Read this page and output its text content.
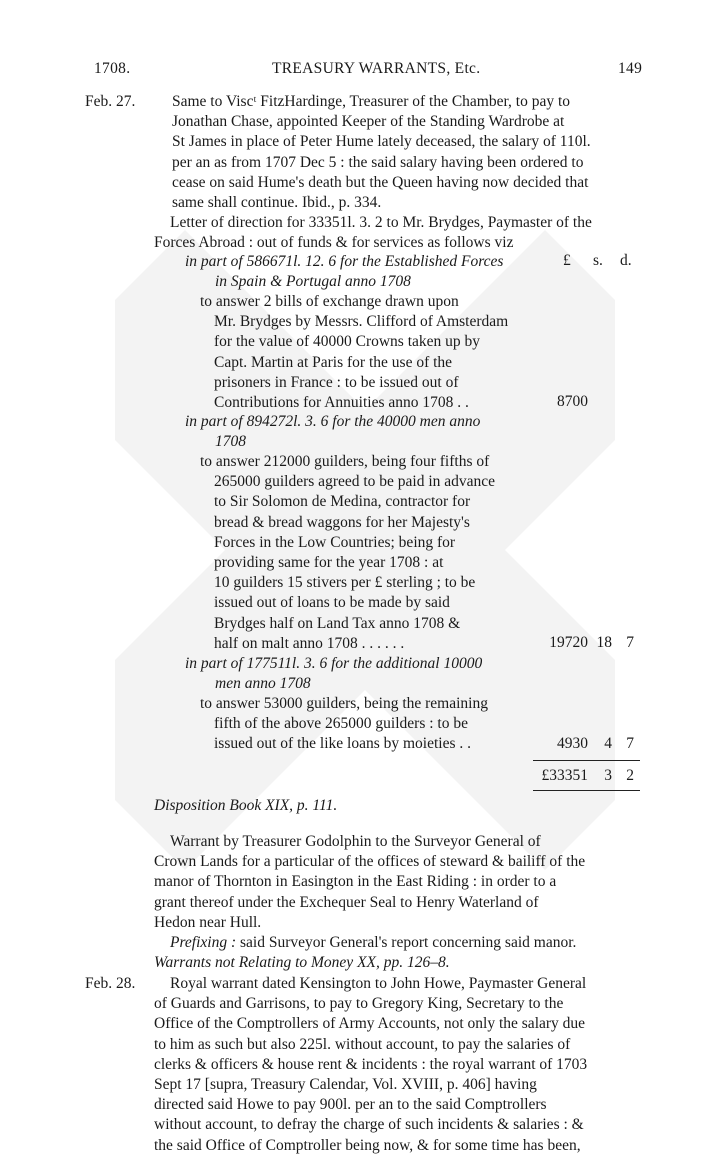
1708.	TREASURY WARRANTS, Etc.	149
Feb. 27. Same to Viscᵗ FitzHardinge, Treasurer of the Chamber, to pay to

Jonathan Chase, appointed Keeper of the Standing Wardrobe at

St James in place of Peter Hume lately deceased, the salary of 110l.

per an as from 1707 Dec 5 : the said salary having been ordered to

cease on said Hume's death but the Queen having now decided that

same shall continue. Ibid., p. 334.

Letter of direction for 33351l. 3. 2 to Mr. Brydges, Paymaster of the

Forces Abroad : out of funds & for services as follows viz

£ s. d.

in part of 586671l. 12. 6 for the Established Forces

in Spain & Portugal anno 1708

to answer 2 bills of exchange drawn upon

Mr. Brydges by Messrs. Clifford of Amsterdam

for the value of 40000 Crowns taken up by

Capt. Martin at Paris for the use of the

prisoners in France : to be issued out of

Contributions for Annuities anno 1708 . .	8700

in part of 894272l. 3. 6 for the 40000 men anno

1708

to answer 212000 guilders, being four fifths of

265000 guilders agreed to be paid in advance

to Sir Solomon de Medina, contractor for

bread & bread waggons for her Majesty's

Forces in the Low Countries; being for

providing same for the year 1708 : at

10 guilders 15 stivers per £ sterling ; to be

issued out of loans to be made by said

Brydges half on Land Tax anno 1708 &

half on malt anno 1708 . . . . . .	19720 18 7

in part of 177511l. 3. 6 for the additional 10000

men anno 1708

to answer 53000 guilders, being the remaining

fifth of the above 265000 guilders : to be

issued out of the like loans by moieties . .	4930	4 7
£33351	3 2
Disposition Book XIX, p. 111.

Warrant by Treasurer Godolphin to the Surveyor General of

Crown Lands for a particular of the offices of steward & bailiff of the

manor of Thornton in Easington in the East Riding : in order to a

grant thereof under the Exchequer Seal to Henry Waterland of

Hedon near Hull.

Prefixing : said Surveyor General's report concerning said manor.

Warrants not Relating to Money XX, pp. 126–8.

Feb. 28.	Royal warrant dated Kensington to John Howe, Paymaster General

of Guards and Garrisons, to pay to Gregory King, Secretary to the

Office of the Comptrollers of Army Accounts, not only the salary due

to him as such but also 225l. without account, to pay the salaries of

clerks & officers & house rent & incidents : the royal warrant of 1703

Sept 17 [supra, Treasury Calendar, Vol. XVIII, p. 406] having

directed said Howe to pay 900l. per an to the said Comptrollers

without account, to defray the charge of such incidents & salaries : &

the said Office of Comptroller being now, & for some time has been,
